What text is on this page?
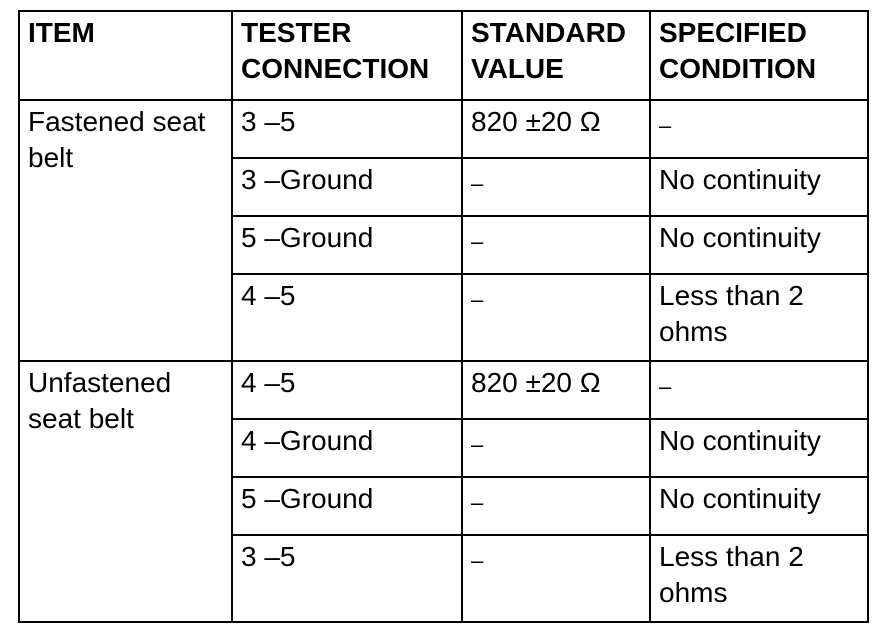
ITEM	TESTER CONNECTION	STANDARD VALUE	SPECIFIED CONDITION
Fastened seat belt	3 –5	820 ±20 Ω	–
	3 –Ground	–	No continuity
	5 –Ground	–	No continuity
	4 –5	–	Less than 2 ohms
Unfastened seat belt	4 –5	820 ±20 Ω	–
	4 –Ground	–	No continuity
	5 –Ground	–	No continuity
	3 –5	–	Less than 2 ohms
